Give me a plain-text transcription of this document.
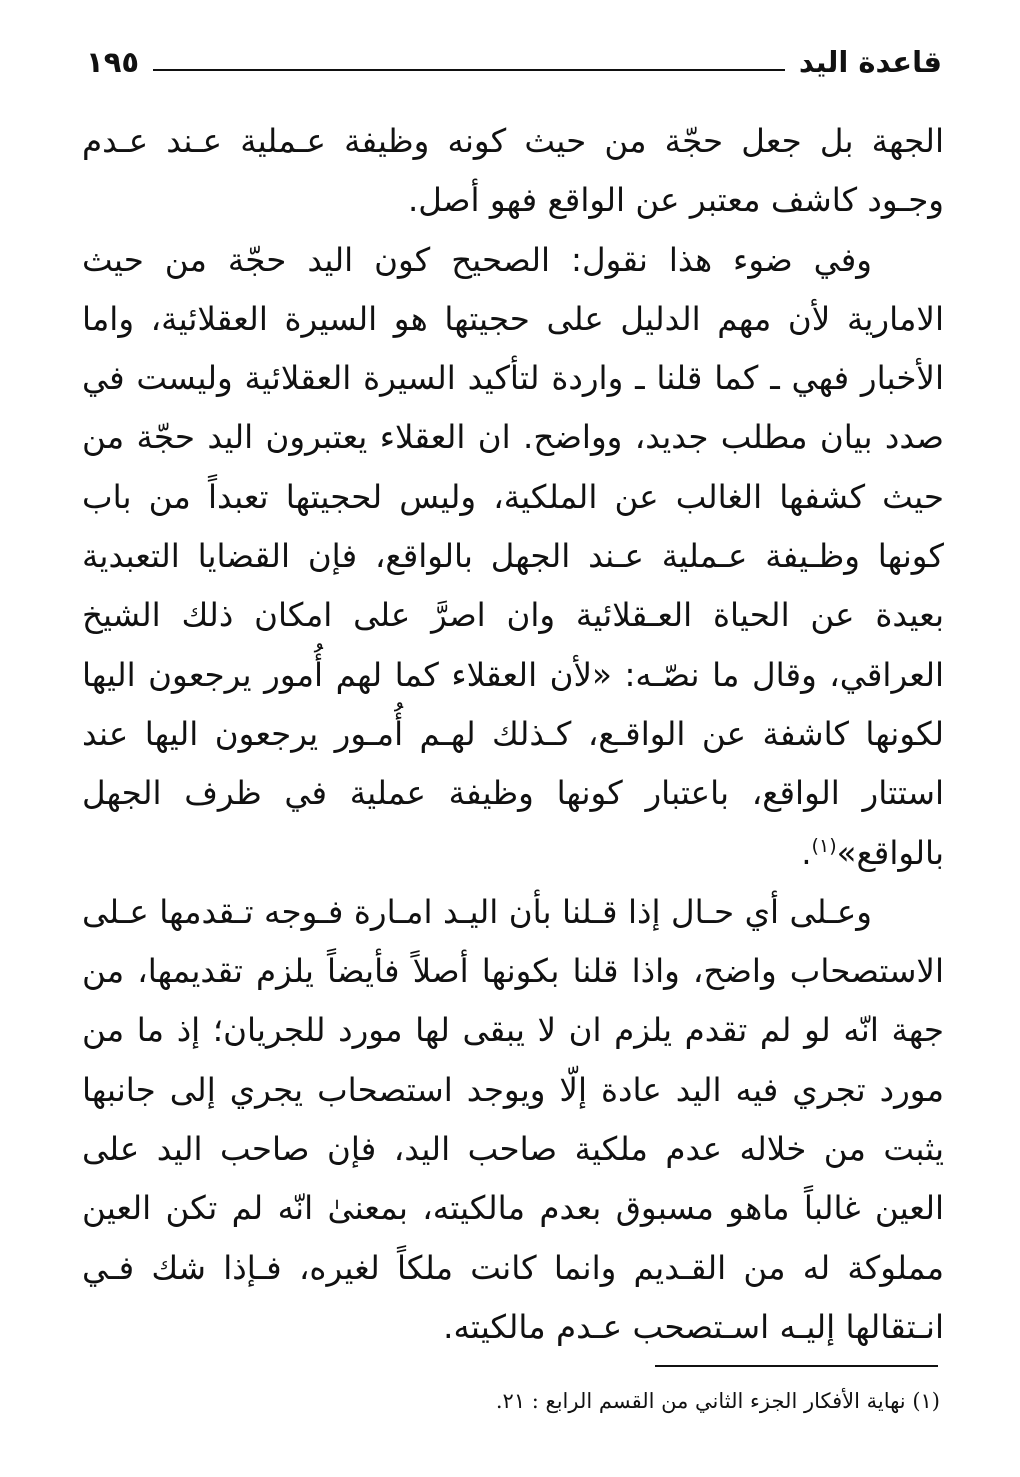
قاعدة اليد
١٩٥

الجهة بل جعل حجّة من حيث كونه وظيفة عـملية عـند عـدم وجـود كاشف معتبر عن الواقع فهو أصل.

وفي ضوء هذا نقول: الصحيح كون اليد حجّة من حيث الامارية لأن مهم الدليل على حجيتها هو السيرة العقلائية، واما الأخبار فهي ـ كما قلنا ـ واردة لتأكيد السيرة العقلائية وليست في صدد بيان مطلب جديد، وواضح. ان العقلاء يعتبرون اليد حجّة من حيث كشفها الغالب عن الملكية، وليس لحجيتها تعبداً من باب كونها وظـيفة عـملية عـند الجهل بالواقع، فإن القضايا التعبدية بعيدة عن الحياة العـقلائية وان اصرَّ على امكان ذلك الشيخ العراقي، وقال ما نصّـه: «لأن العقلاء كما لهم أُمور يرجعون اليها لكونها كاشفة عن الواقـع، كـذلك لهـم أُمـور يرجعون اليها عند استتار الواقع، باعتبار كونها وظيفة عملية في ظرف الجهل بالواقع»$^{(١)}$.

وعـلى أي حـال إذا قـلنا بأن اليـد امـارة فـوجه تـقدمها عـلى الاستصحاب واضح، واذا قلنا بكونها أصلاً فأيضاً يلزم تقديمها، من جهة انّه لو لم تقدم يلزم ان لا يبقى لها مورد للجريان؛ إذ ما من مورد تجري فيه اليد عادة إلّا ويوجد استصحاب يجري إلى جانبها يثبت من خلاله عدم ملكية صاحب اليد، فإن صاحب اليد على العين غالباً ماهو مسبوق بعدم مالكيته، بمعنىٰ انّه لم تكن العين مملوكة له من القـديم وانما كانت ملكاً لغيره، فـإذا شك فـي انـتقالها إليـه اسـتصحب عـدم مالكيته.

(١) نهاية الأفكار الجزء الثاني من القسم الرابع : ٢١.
